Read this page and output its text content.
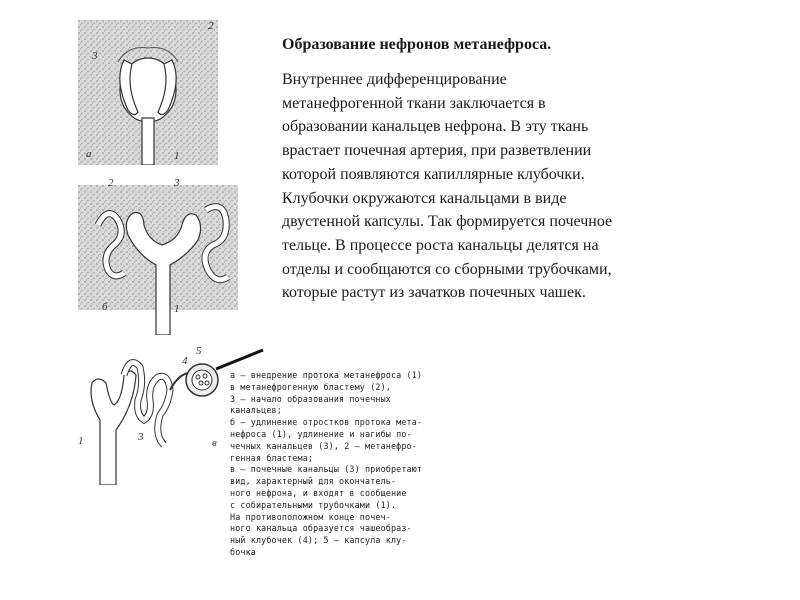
а
2
3
1
б
2	3
1
5
4
1	3	в

Образование нефронов метанефроса.

Внутреннее дифференцирование
метанефрогенной ткани заключается в
образовании канальцев нефрона. В эту ткань
врастает почечная артерия, при разветвлении
которой появляются капиллярные клубочки.
Клубочки окружаются канальцами в виде
двустенной капсулы. Так формируется почечное
тельце. В процессе роста канальцы делятся на
отделы и сообщаются со сборными трубочками,
которые растут из зачатков почечных чашек.
а — внедрение протока метанефроса (1)
в метанефрогенную бластему (2),
3 — начало образования почечных
канальцев;
б — удлинение отростков протока мета-
нефроса (1), удлинение и нагибы по-
чечных канальцев (3), 2 — метанефро-
генная бластема;
в — почечные канальцы (3) приобретают
вид, характерный для окончатель-
ного нефрона, и входят в сообщение
с собирательными трубочками (1).
На противоположном конце почеч-
ного канальца образуется чашеобраз-
ный клубочек (4); 5 — капсула клу-
бочка
